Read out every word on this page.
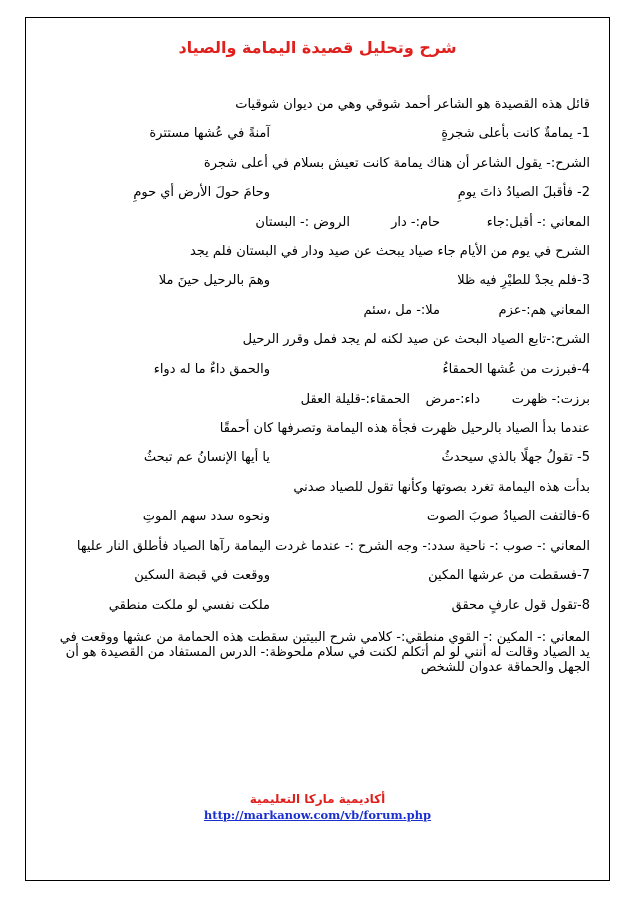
شرح وتحليل قصيدة اليمامة والصياد
قائل هذه القصيدة هو الشاعر أحمد شوقي وهي من ديوان شوقيات
1- يمامةٌ كانت بأعلى شجرةٍ
آمنةً في عُشها مستترة
الشرح:- يقول الشاعر أن هناك يمامة كانت تعيش بسلام في أعلى شجرة
2- فأقبلَ الصيادُ ذاتَ يومِ
وحامَ حولَ الأرض أي حومِ
المعاني :- أقبل:جاء
حام:- دار
الروض :- البستان
الشرح في يوم من الأيام جاء صياد يبحث عن صيد ودار في البستان فلم يجد
3-فلم يجدْ للطيْرِ فيه ظلا
وهمَ بالرحيل حينَ ملا
المعاني هم:-عزم
ملا:- مل ،سئم
الشرح:-تابع الصياد البحث عن صيد لكنه لم يجد فمل وقرر الرحيل
4-فبرزت من عُشها الحمقاءُ
والحمق داءٌ ما له دواء
برزت:- ظهرت
داء:-مرض
الحمقاء:-قليلة العقل
عندما بدأ الصياد بالرحيل ظهرت فجأة هذه اليمامة وتصرفها كان أحمقًا
5- تقولُ جهلًا بالذي سيحدثُ
يا أيها الإنسانُ عم تبحثُ
بدأت هذه اليمامة تغرد بصوتها وكأنها تقول للصياد صدني
6-فالتفت الصيادُ صوبَ الصوت
ونحوه سدد سهم الموتِ
المعاني :- صوب :- ناحية سدد:- وجه الشرح :- عندما غردت اليمامة رآها الصياد فأطلق النار عليها
7-فسقطت من عرشها المكين
ووقعت في قبضة السكين
8-تقول قول عارفٍ محقق
ملكت نفسي لو ملكت منطقي
المعاني :- المكين :- القوي منطقي:- كلامي شرح البيتين سقطت هذه الحمامة من عشها ووقعت في يد الصياد وقالت له أنني لو لم أتكلم لكنت في سلام ملحوظة:- الدرس المستفاد من القصيدة هو أن الجهل والحماقة عدوان للشخص
أكاديمية ماركا التعليمية
http://markanow.com/vb/forum.php
